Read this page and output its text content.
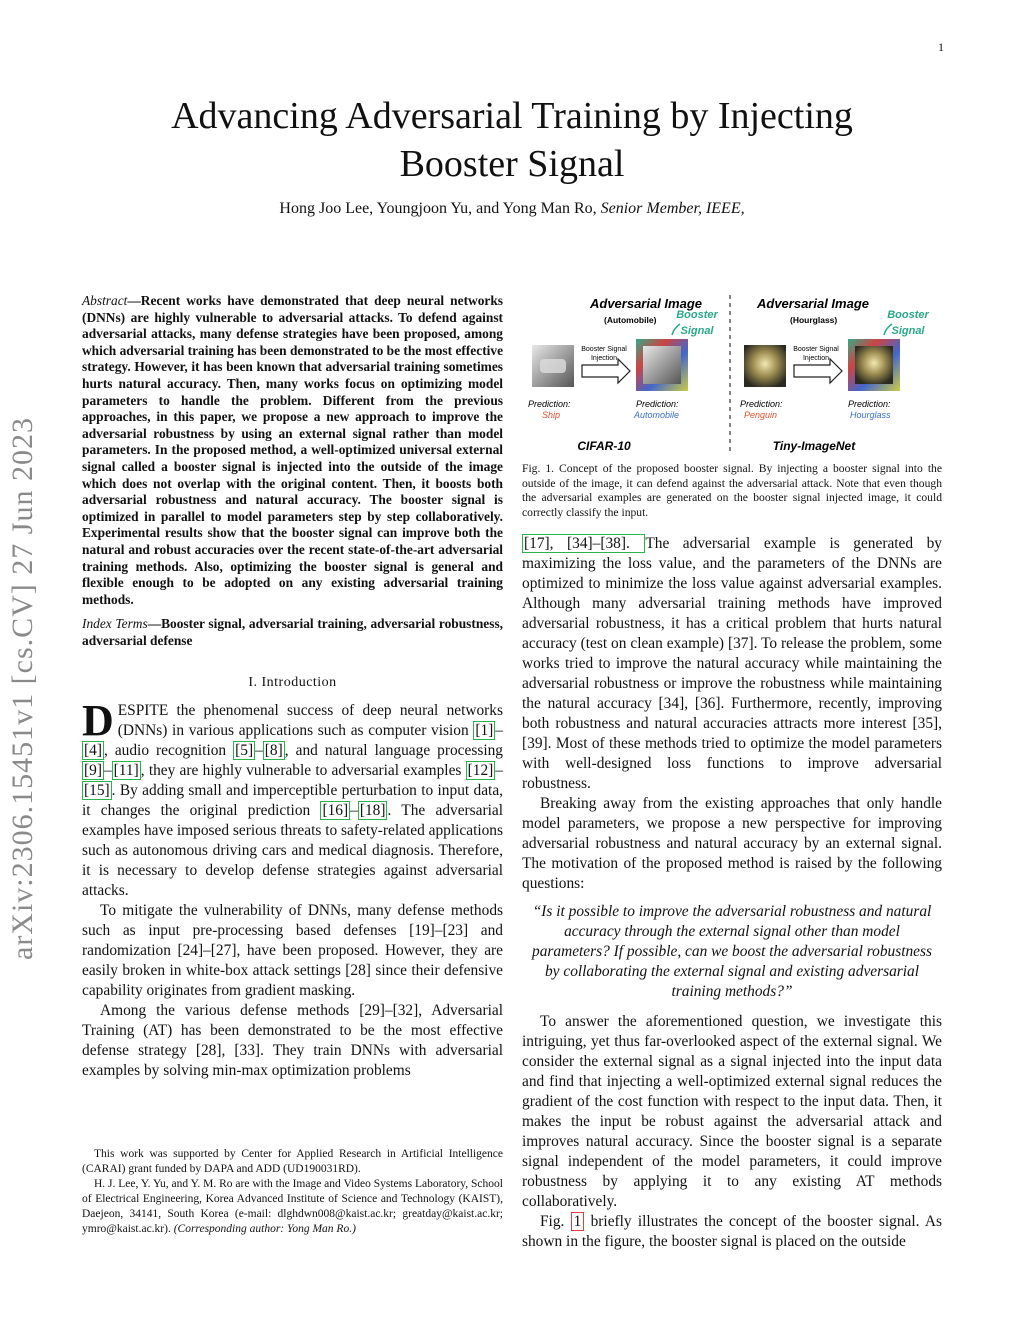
1
Advancing Adversarial Training by Injecting
Booster Signal
Hong Joo Lee, Youngjoon Yu, and Yong Man Ro, Senior Member, IEEE,
arXiv:2306.15451v1 [cs.CV] 27 Jun 2023
Abstract—Recent works have demonstrated that deep neural networks (DNNs) are highly vulnerable to adversarial attacks. To defend against adversarial attacks, many defense strategies have been proposed, among which adversarial training has been demonstrated to be the most effective strategy. However, it has been known that adversarial training sometimes hurts natural accuracy. Then, many works focus on optimizing model parameters to handle the problem. Different from the previous approaches, in this paper, we propose a new approach to improve the adversarial robustness by using an external signal rather than model parameters. In the proposed method, a well-optimized universal external signal called a booster signal is injected into the outside of the image which does not overlap with the original content. Then, it boosts both adversarial robustness and natural accuracy. The booster signal is optimized in parallel to model parameters step by step collaboratively. Experimental results show that the booster signal can improve both the natural and robust accuracies over the recent state-of-the-art adversarial training methods. Also, optimizing the booster signal is general and flexible enough to be adopted on any existing adversarial training methods.
Index Terms—Booster signal, adversarial training, adversarial robustness, adversarial defense
I. Introduction

DESPITE the phenomenal success of deep neural networks (DNNs) in various applications such as computer vision [1] –[4] , audio recognition [5] – [8] , and natural language processing [9] – [11] , they are highly vulnerable to adversarial examples [12] –[15] . By adding small and imperceptible perturbation to input data, it changes the original prediction [16] – [18] . The adversarial examples have imposed serious threats to safety-related applications such as autonomous driving cars and medical diagnosis. Therefore, it is necessary to develop defense strategies against adversarial attacks.

To mitigate the vulnerability of DNNs, many defense methods such as input pre-processing based defenses [19]–[23] and randomization [24]–[27], have been proposed. However, they are easily broken in white-box attack settings [28] since their defensive capability originates from gradient masking.

Among the various defense methods [29]–[32], Adversarial Training (AT) has been demonstrated to be the most effective defense strategy [28], [33]. They train DNNs with adversarial examples by solving min-max optimization problems

This work was supported by Center for Applied Research in Artificial Intelligence (CARAI) grant funded by DAPA and ADD (UD190031RD).

H. J. Lee, Y. Yu, and Y. M. Ro are with the Image and Video Systems Laboratory, School of Electrical Engineering, Korea Advanced Institute of Science and Technology (KAIST), Daejeon, 34141, South Korea (e-mail: dlghdwn008@kaist.ac.kr; greatday@kaist.ac.kr; ymro@kaist.ac.kr). (Corresponding author: Yong Man Ro.)

Adversarial Image
(Automobile) Booster
Signal
Booster Signal
Injection
Prediction:
Ship
Prediction:
Automobile
CIFAR-10
Adversarial Image
(Hourglass)	Booster
Signal
Booster Signal
Injection
Prediction:
Penguin
Prediction:
Hourglass
Tiny-ImageNet
Fig. 1. Concept of the proposed booster signal. By injecting a booster signal into the outside of the image, it can defend against the adversarial attack. Note that even though the adversarial examples are generated on the booster signal injected image, it could correctly classify the input.

[17], [34]–[38]. The adversarial example is generated by maximizing the loss value, and the parameters of the DNNs are optimized to minimize the loss value against adversarial examples. Although many adversarial training methods have improved adversarial robustness, it has a critical problem that hurts natural accuracy (test on clean example) [37]. To release the problem, some works tried to improve the natural accuracy while maintaining the adversarial robustness or improve the robustness while maintaining the natural accuracy [34], [36]. Furthermore, recently, improving both robustness and natural accuracies attracts more interest [35], [39]. Most of these methods tried to optimize the model parameters with well-designed loss functions to improve adversarial robustness.

Breaking away from the existing approaches that only handle model parameters, we propose a new perspective for improving adversarial robustness and natural accuracy by an external signal. The motivation of the proposed method is raised by the following questions:

“Is it possible to improve the adversarial robustness and natural accuracy through the external signal other than model parameters? If possible, can we boost the adversarial robustness by collaborating the external signal and existing adversarial training methods?”

To answer the aforementioned question, we investigate this intriguing, yet thus far-overlooked aspect of the external signal. We consider the external signal as a signal injected into the input data and find that injecting a well-optimized external signal reduces the gradient of the cost function with respect to the input data. Then, it makes the input be robust against the adversarial attack and improves natural accuracy. Since the booster signal is a separate signal independent of the model parameters, it could improve robustness by applying it to any existing AT methods collaboratively.

Fig. 1 briefly illustrates the concept of the booster signal. As shown in the figure, the booster signal is placed on the outside
